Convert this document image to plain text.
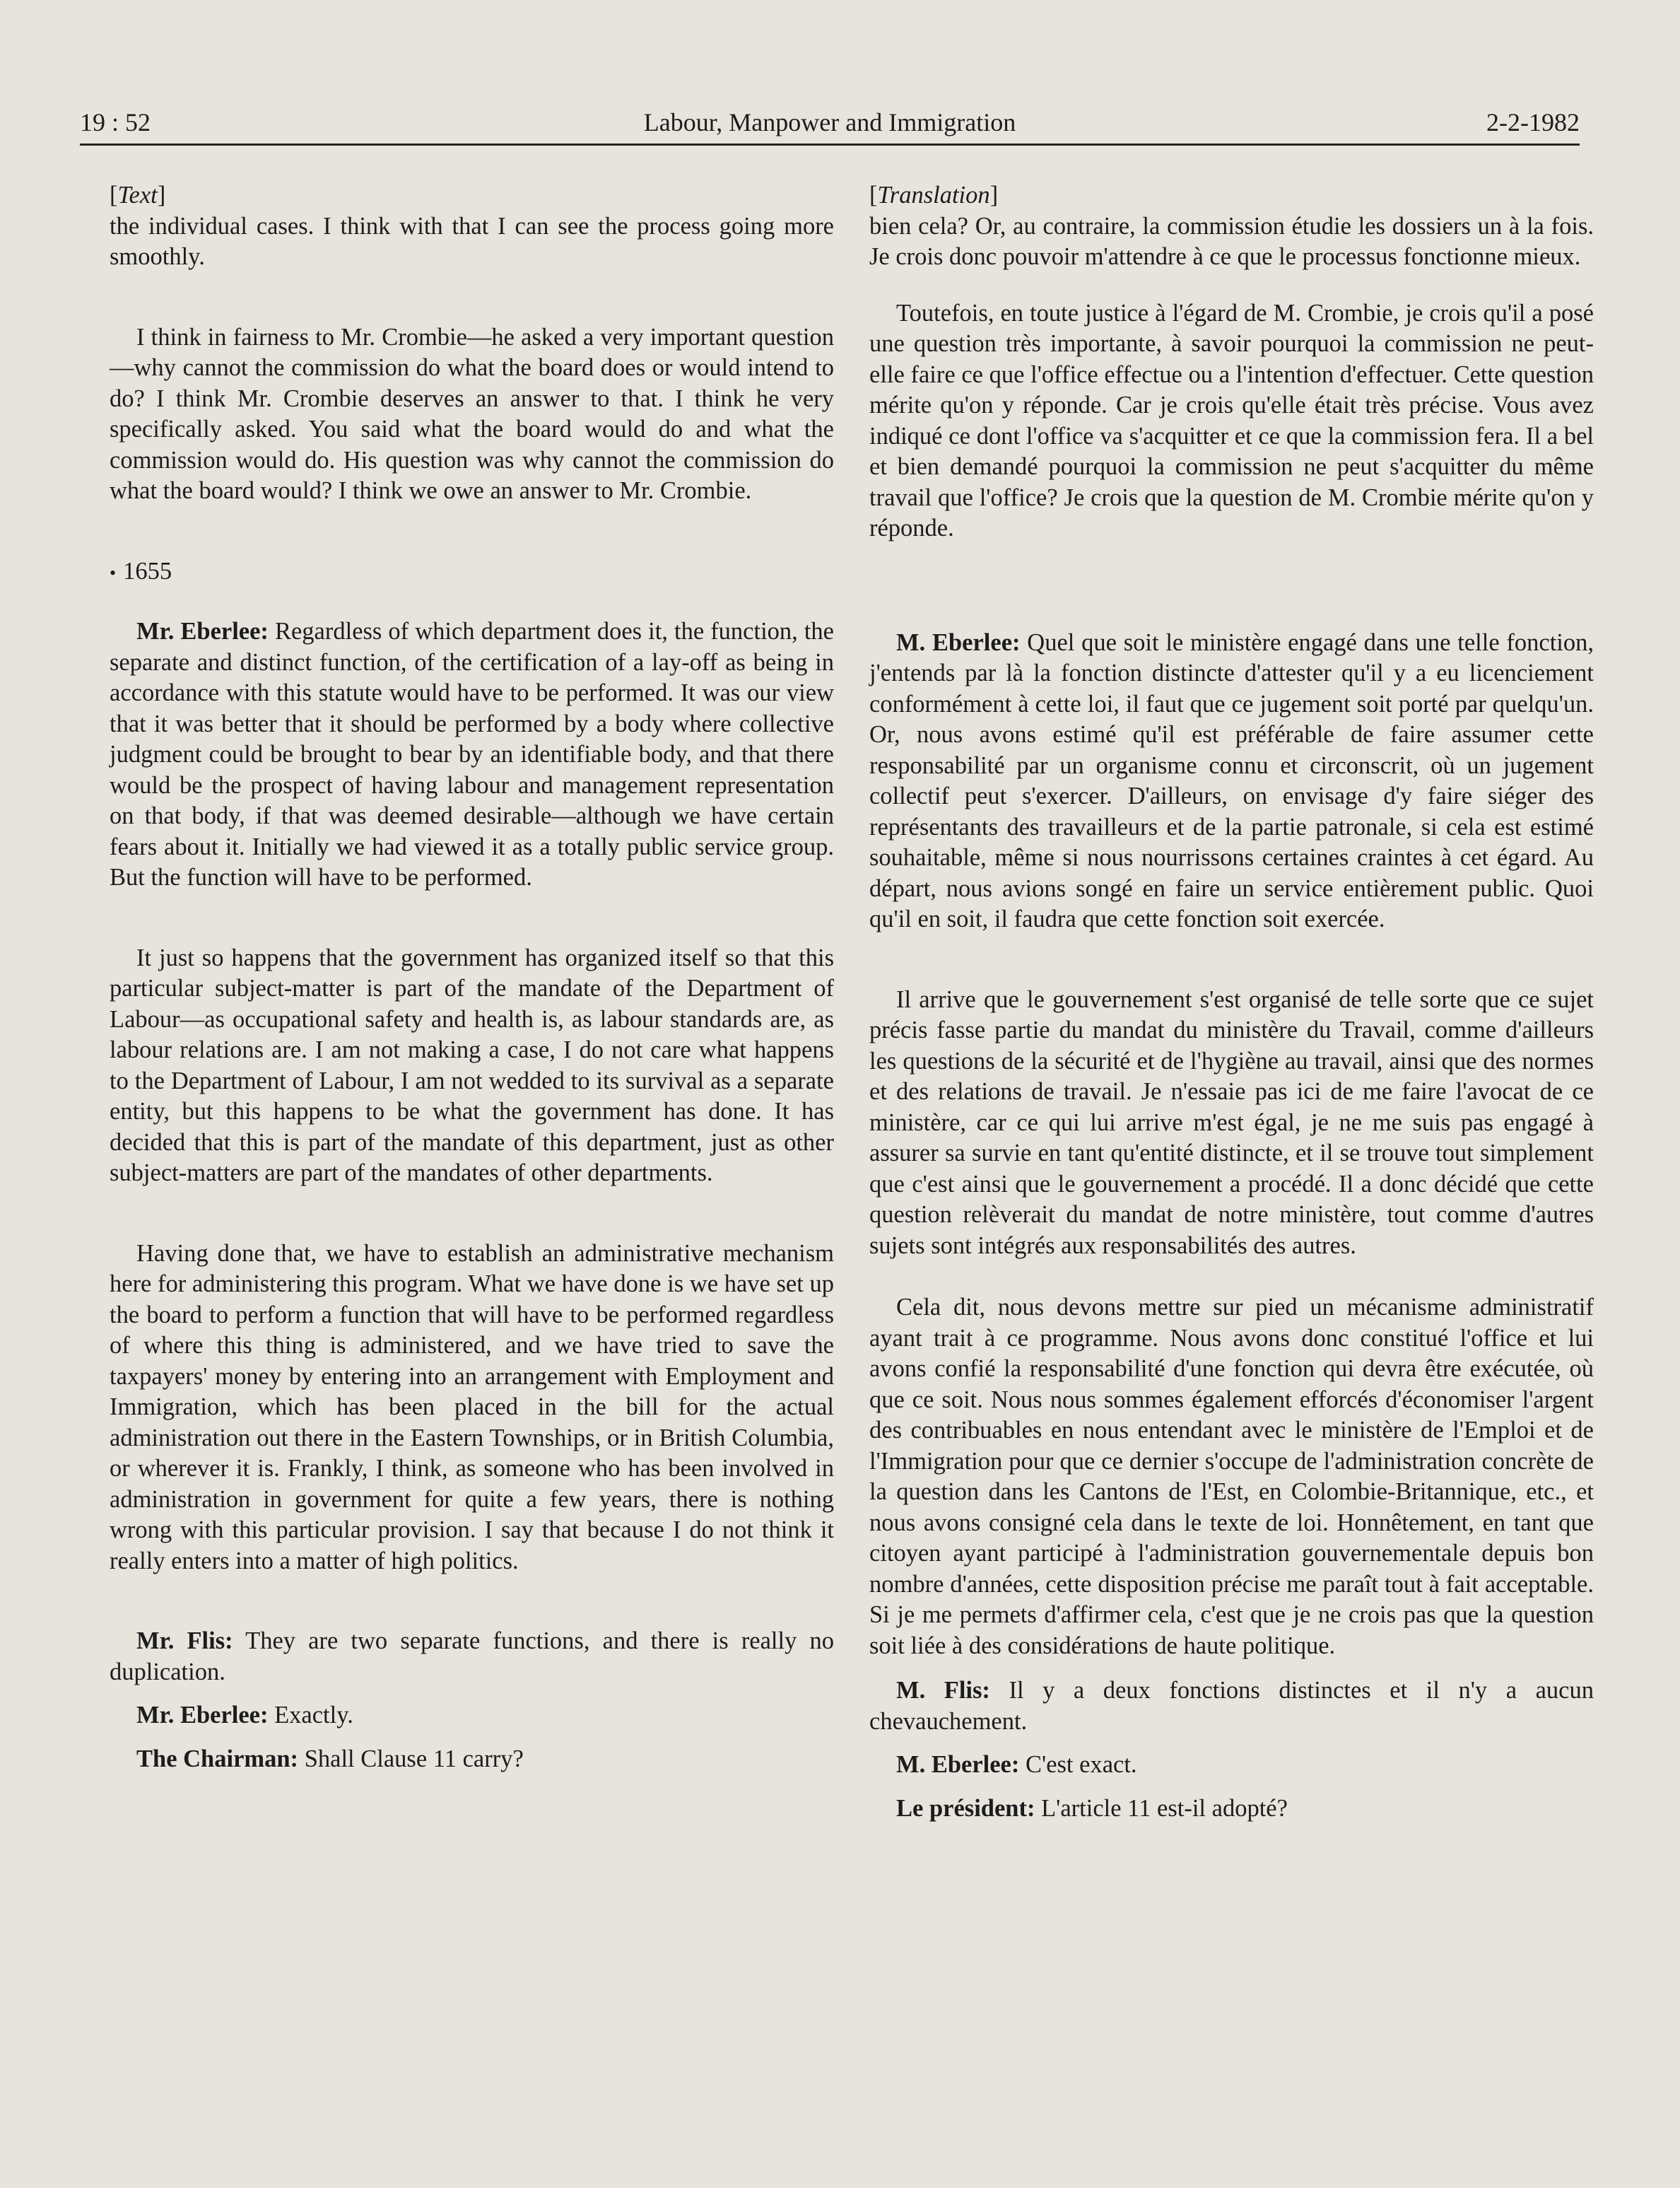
19 : 52	Labour, Manpower and Immigration	2-2-1982

[Text]

the individual cases. I think with that I can see the process going more smoothly.

I think in fairness to Mr. Crombie—he asked a very important question—why cannot the commission do what the board does or would intend to do? I think Mr. Crombie deserves an answer to that. I think he very specifically asked. You said what the board would do and what the commission would do. His question was why cannot the commission do what the board would? I think we owe an answer to Mr. Crombie.

• 1655

Mr. Eberlee: Regardless of which department does it, the function, the separate and distinct function, of the certification of a lay-off as being in accordance with this statute would have to be performed. It was our view that it was better that it should be performed by a body where collective judgment could be brought to bear by an identifiable body, and that there would be the prospect of having labour and management representation on that body, if that was deemed desirable—although we have certain fears about it. Initially we had viewed it as a totally public service group. But the function will have to be performed.

It just so happens that the government has organized itself so that this particular subject-matter is part of the mandate of the Department of Labour—as occupational safety and health is, as labour standards are, as labour relations are. I am not making a case, I do not care what happens to the Department of Labour, I am not wedded to its survival as a separate entity, but this happens to be what the government has done. It has decided that this is part of the mandate of this department, just as other subject-matters are part of the mandates of other departments.

Having done that, we have to establish an administrative mechanism here for administering this program. What we have done is we have set up the board to perform a function that will have to be performed regardless of where this thing is administered, and we have tried to save the taxpayers' money by entering into an arrangement with Employment and Immigration, which has been placed in the bill for the actual administration out there in the Eastern Townships, or in British Columbia, or wherever it is. Frankly, I think, as someone who has been involved in administration in government for quite a few years, there is nothing wrong with this particular provision. I say that because I do not think it really enters into a matter of high politics.

Mr. Flis: They are two separate functions, and there is really no duplication.

Mr. Eberlee: Exactly.

The Chairman: Shall Clause 11 carry?

[Translation]

bien cela? Or, au contraire, la commission étudie les dossiers un à la fois. Je crois donc pouvoir m'attendre à ce que le processus fonctionne mieux.

Toutefois, en toute justice à l'égard de M. Crombie, je crois qu'il a posé une question très importante, à savoir pourquoi la commission ne peut-elle faire ce que l'office effectue ou a l'intention d'effectuer. Cette question mérite qu'on y réponde. Car je crois qu'elle était très précise. Vous avez indiqué ce dont l'office va s'acquitter et ce que la commission fera. Il a bel et bien demandé pourquoi la commission ne peut s'acquitter du même travail que l'office? Je crois que la question de M. Crombie mérite qu'on y réponde.

M. Eberlee: Quel que soit le ministère engagé dans une telle fonction, j'entends par là la fonction distincte d'attester qu'il y a eu licenciement conformément à cette loi, il faut que ce jugement soit porté par quelqu'un. Or, nous avons estimé qu'il est préférable de faire assumer cette responsabilité par un organisme connu et circonscrit, où un jugement collectif peut s'exercer. D'ailleurs, on envisage d'y faire siéger des représentants des travailleurs et de la partie patronale, si cela est estimé souhaitable, même si nous nourrissons certaines craintes à cet égard. Au départ, nous avions songé en faire un service entièrement public. Quoi qu'il en soit, il faudra que cette fonction soit exercée.

Il arrive que le gouvernement s'est organisé de telle sorte que ce sujet précis fasse partie du mandat du ministère du Travail, comme d'ailleurs les questions de la sécurité et de l'hygiène au travail, ainsi que des normes et des relations de travail. Je n'essaie pas ici de me faire l'avocat de ce ministère, car ce qui lui arrive m'est égal, je ne me suis pas engagé à assurer sa survie en tant qu'entité distincte, et il se trouve tout simplement que c'est ainsi que le gouvernement a procédé. Il a donc décidé que cette question relèverait du mandat de notre ministère, tout comme d'autres sujets sont intégrés aux responsabilités des autres.

Cela dit, nous devons mettre sur pied un mécanisme administratif ayant trait à ce programme. Nous avons donc constitué l'office et lui avons confié la responsabilité d'une fonction qui devra être exécutée, où que ce soit. Nous nous sommes également efforcés d'économiser l'argent des contribuables en nous entendant avec le ministère de l'Emploi et de l'Immigration pour que ce dernier s'occupe de l'administration concrète de la question dans les Cantons de l'Est, en Colombie-Britannique, etc., et nous avons consigné cela dans le texte de loi. Honnêtement, en tant que citoyen ayant participé à l'administration gouvernementale depuis bon nombre d'années, cette disposition précise me paraît tout à fait acceptable. Si je me permets d'affirmer cela, c'est que je ne crois pas que la question soit liée à des considérations de haute politique.

M. Flis: Il y a deux fonctions distinctes et il n'y a aucun chevauchement.

M. Eberlee: C'est exact.

Le président: L'article 11 est-il adopté?
